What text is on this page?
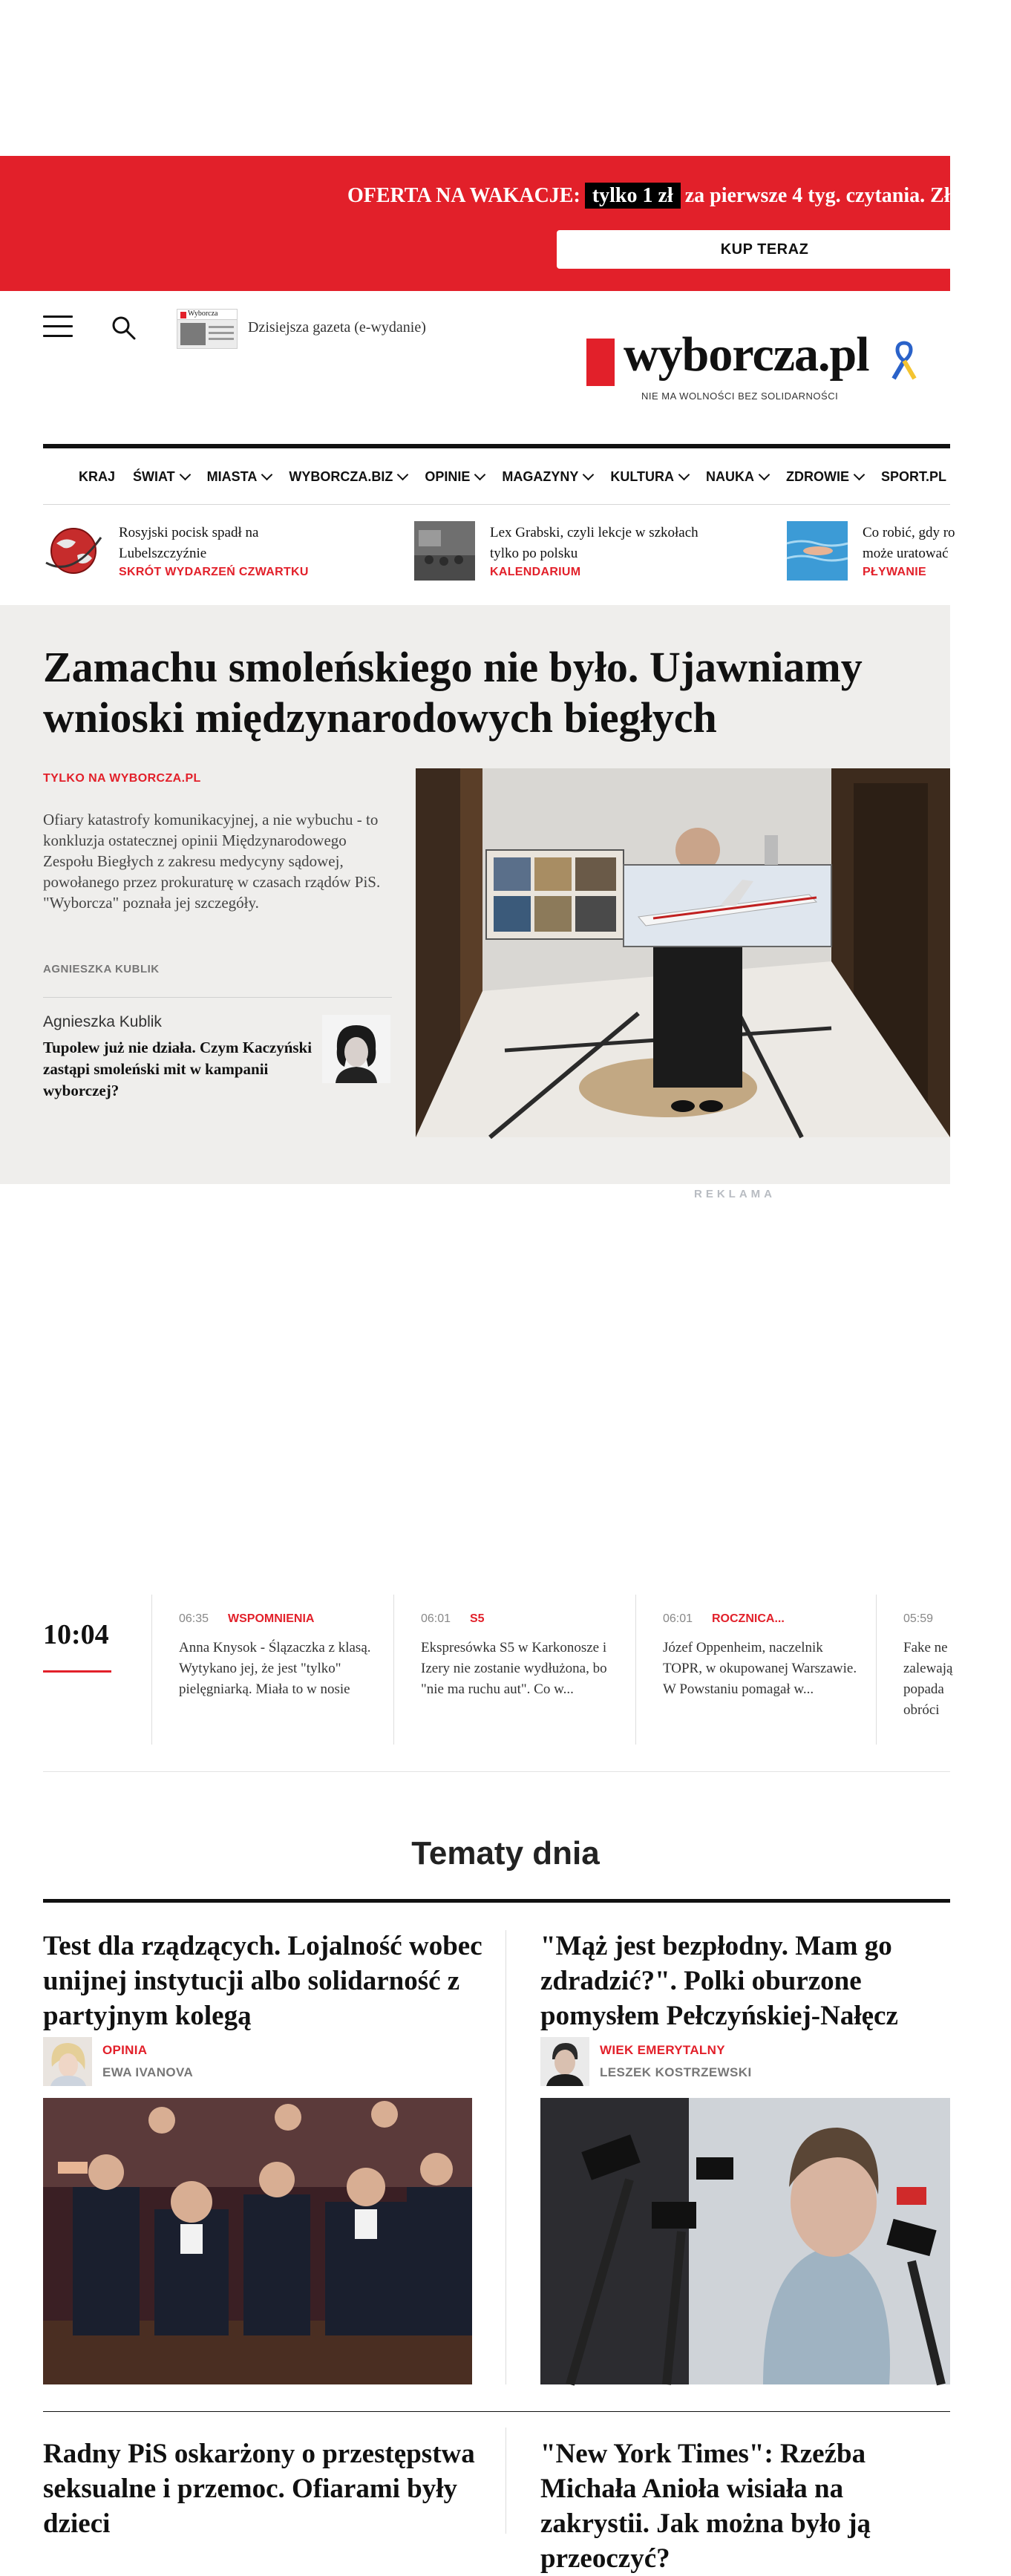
OFERTA NA WAKACJE: tylko 1 zł za pierwsze 4 tyg. czytania. Złap
KUP TERAZ
Wyborcza
Dzisiejsza gazeta (e-wydanie)	wyborcza.pl
NIE MA WOLNOŚCI BEZ SOLIDARNOŚCI
KRAJ ŚWIAT MIASTA WYBORCZA.BIZ OPINIE MAGAZYNY KULTURA NAUKA ZDROWIE SPORT.PL
Rosyjski pocisk spadł na
Lubelszczyźnie
SKRÓT WYDARZEŃ CZWARTKU
Lex Grabski, czyli lekcje w szkołach
tylko po polsku
KALENDARIUM
Co robić, gdy ro
może uratować
PŁYWANIE
Zamachu smoleńskiego nie było. Ujawniamy wnioski międzynarodowych biegłych
TYLKO NA WYBORCZA.PL

Ofiary katastrofy komunikacyjnej, a nie wybuchu - to konkluzja ostatecznej opinii Międzynarodowego Zespołu Biegłych z zakresu medycyny sądowej, powołanego przez prokuraturę w czasach rządów PiS. "Wyborcza" poznała jej szczegóły.

AGNIESZKA KUBLIK
Agnieszka Kublik
Tupolew już nie działa. Czym Kaczyński zastąpi smoleński mit w kampanii wyborczej?
REKLAMA
10:04
06:35 WSPOMNIENIA
Anna Knysok - Ślązaczka z klasą. Wytykano jej, że jest "tylko" pielęgniarką. Miała to w nosie
06:01 S5
Ekspresówka S5 w Karkonosze i Izery nie zostanie wydłużona, bo "nie ma ruchu aut". Co w...
06:01 ROCZNICA...
Józef Oppenheim, naczelnik TOPR, w okupowanej Warszawie. W Powstaniu pomagał w...
05:59
Fake ne zalewają popada obróci
Tematy dnia
Test dla rządzących. Lojalność wobec unijnej instytucji albo solidarność z partyjnym kolegą
OPINIA
EWA IVANOVA
"Mąż jest bezpłodny. Mam go zdradzić?". Polki oburzone pomysłem Pełczyńskiej-Nałęcz
WIEK EMERYTALNY
LESZEK KOSTRZEWSKI
Radny PiS oskarżony o przestępstwa seksualne i przemoc. Ofiarami były dzieci
"New York Times": Rzeźba Michała Anioła wisiała na zakrystii. Jak można było ją przeoczyć?
